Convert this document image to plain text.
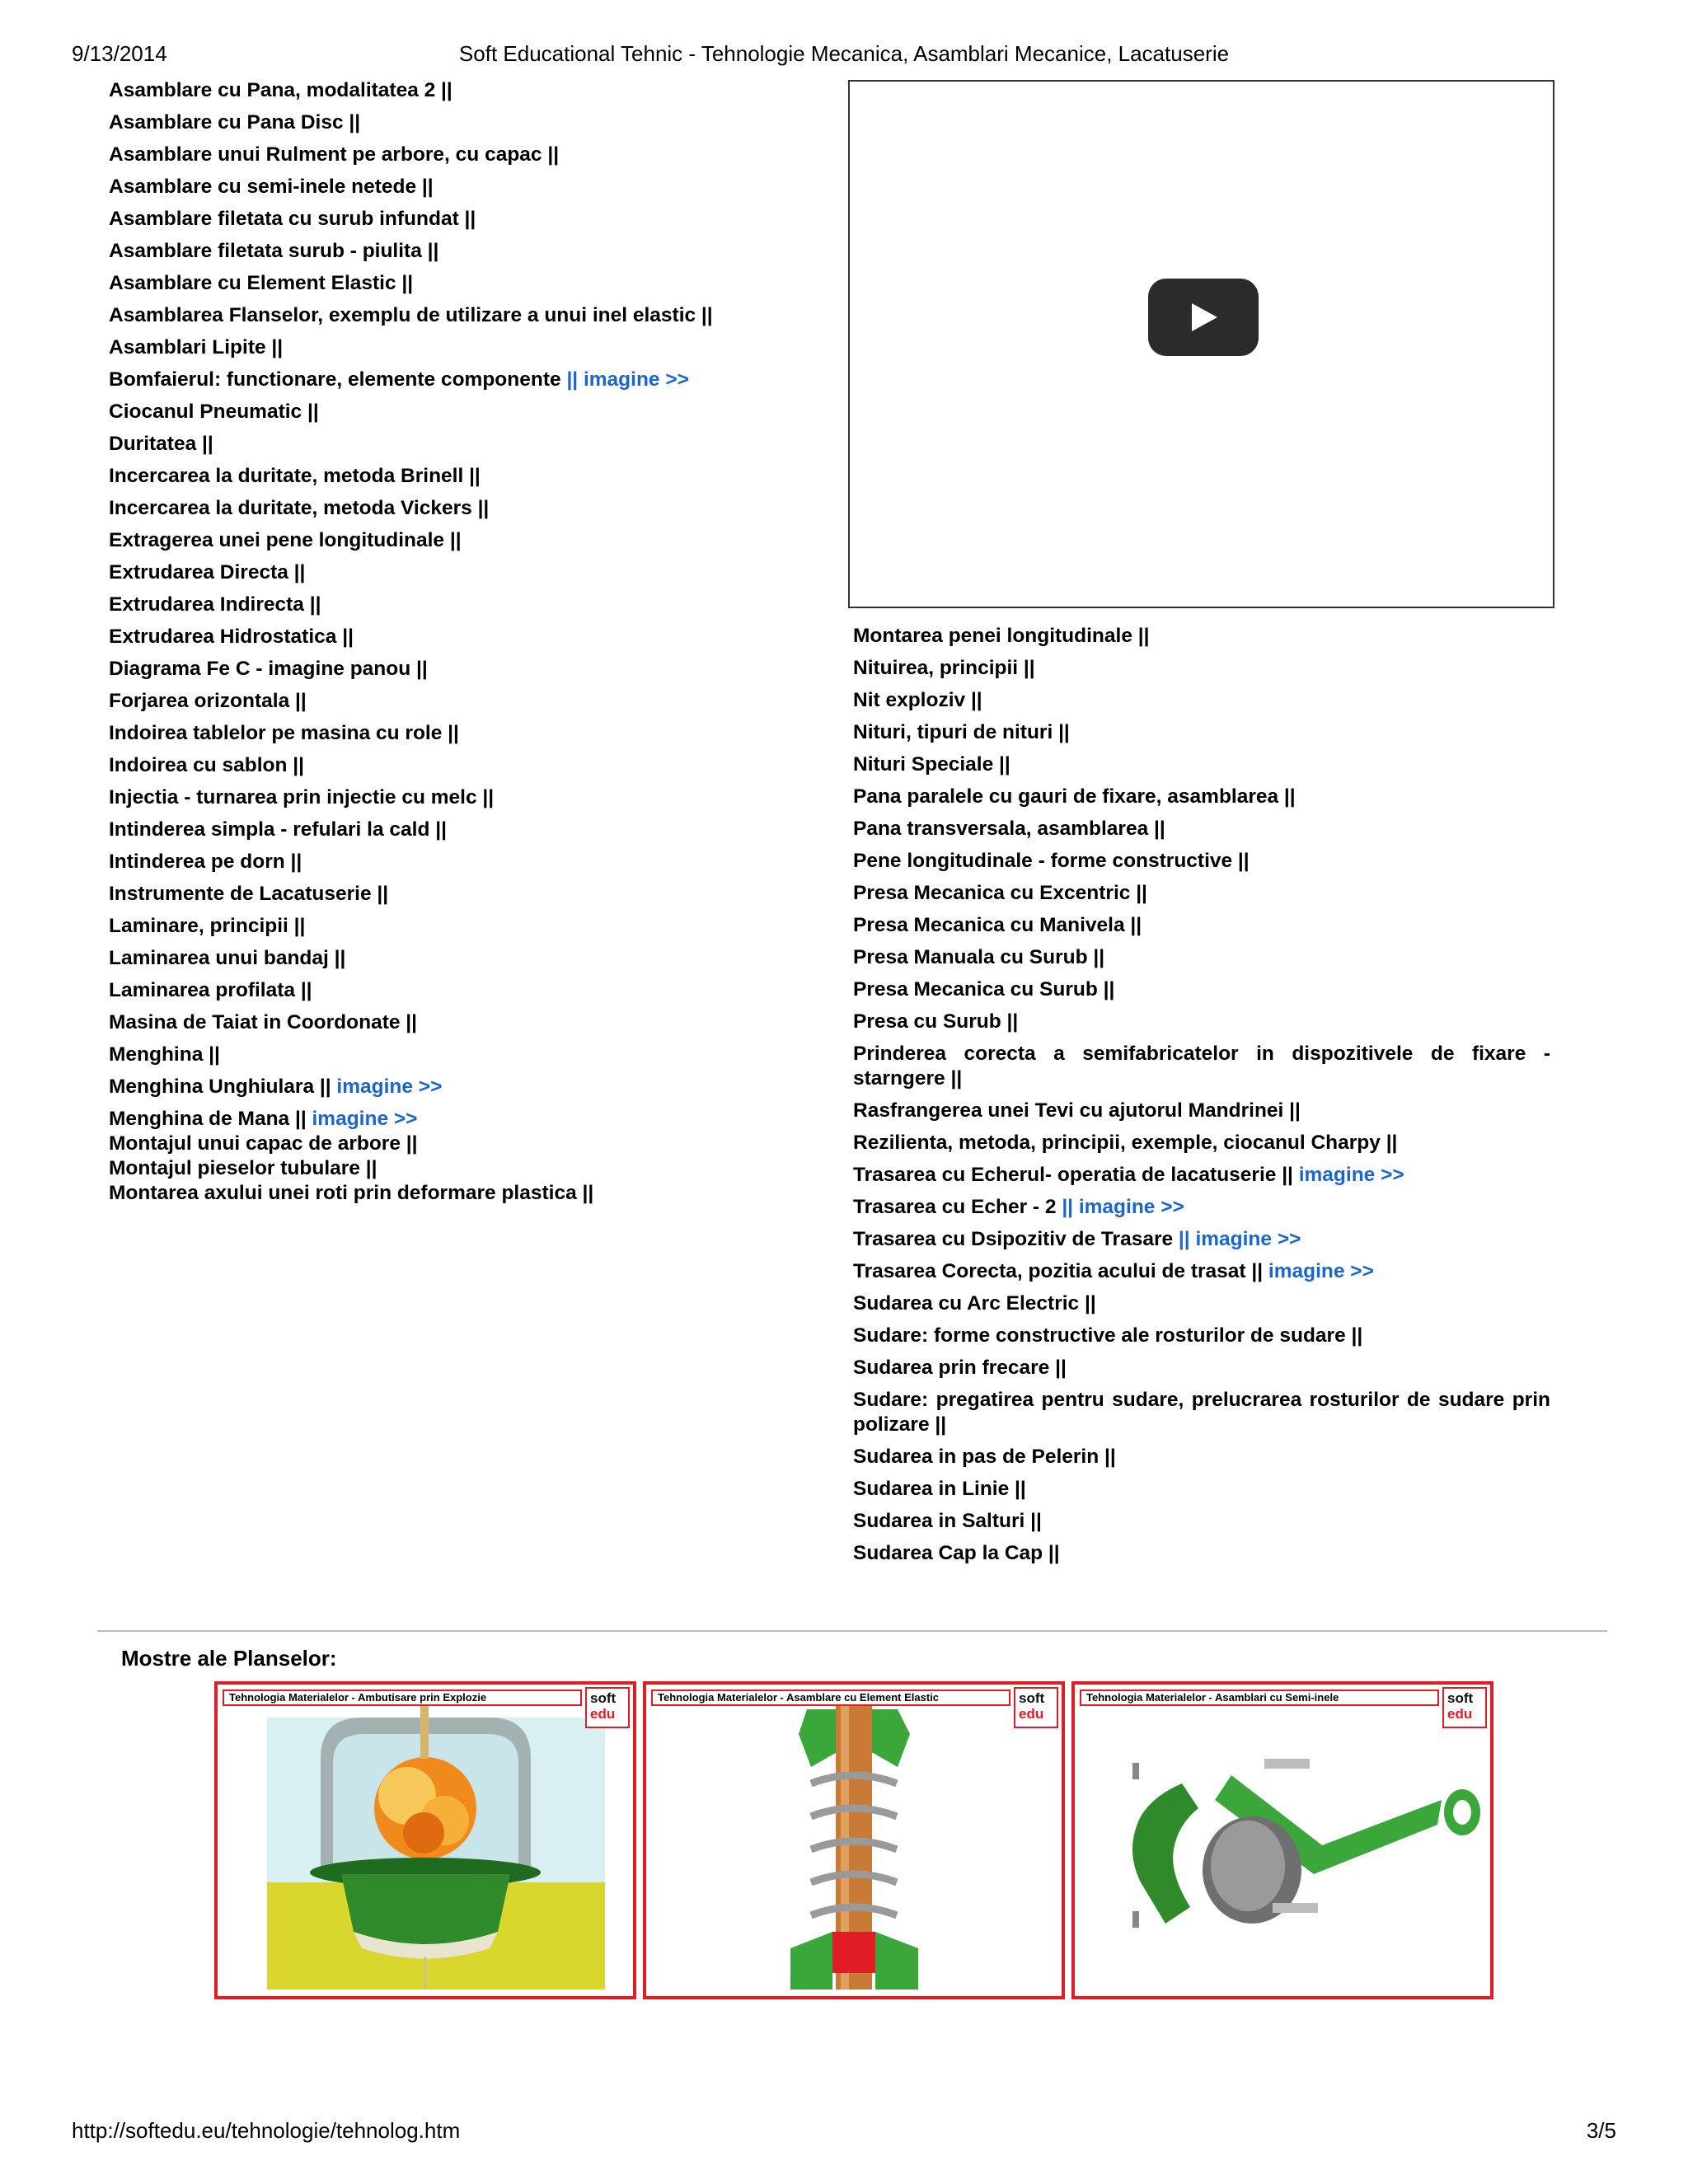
9/13/2014	Soft Educational Tehnic - Tehnologie Mecanica, Asamblari Mecanice, Lacatuserie
Asamblare cu Pana, modalitatea 2 ||
Asamblare cu Pana Disc ||
Asamblare unui Rulment pe arbore, cu capac ||
Asamblare cu semi-inele netede ||
Asamblare filetata cu surub infundat ||
Asamblare filetata surub - piulita ||
Asamblare cu Element Elastic ||
Asamblarea Flanselor, exemplu de utilizare a unui inel elastic ||
Asamblari Lipite ||
Bomfaierul: functionare, elemente componente || imagine >>
Ciocanul Pneumatic ||
Duritatea ||
Incercarea la duritate, metoda Brinell ||
Incercarea la duritate, metoda Vickers ||
Extragerea unei pene longitudinale ||
Extrudarea Directa ||
Extrudarea Indirecta ||
Extrudarea Hidrostatica ||
Diagrama Fe C - imagine panou ||
Forjarea orizontala ||
Indoirea tablelor pe masina cu role ||
Indoirea cu sablon ||
Injectia - turnarea prin injectie cu melc ||
Intinderea simpla - refulari la cald ||
Intinderea pe dorn ||
Instrumente de Lacatuserie ||
Laminare, principii ||
Laminarea unui bandaj ||
Laminarea profilata ||
Masina de Taiat in Coordonate ||
Menghina ||
Menghina Unghiulara || imagine >>
Menghina de Mana || imagine >>
Montajul unui capac de arbore ||
Montajul pieselor tubulare ||
Montarea axului unei roti prin deformare plastica ||
Montarea penei longitudinale ||
Nituirea, principii ||
Nit exploziv ||
Nituri, tipuri de nituri ||
Nituri Speciale ||
Pana paralele cu gauri de fixare, asamblarea ||
Pana transversala, asamblarea ||
Pene longitudinale - forme constructive ||
Presa Mecanica cu Excentric ||
Presa Mecanica cu Manivela ||
Presa Manuala cu Surub ||
Presa Mecanica cu Surub ||
Presa cu Surub ||
Prinderea corecta a semifabricatelor in dispozitivele de fixare - starngere ||
Rasfrangerea unei Tevi cu ajutorul Mandrinei ||
Rezilienta, metoda, principii, exemple, ciocanul Charpy ||
Trasarea cu Echerul- operatia de lacatuserie || imagine >>
Trasarea cu Echer - 2 || imagine >>
Trasarea cu Dsipozitiv de Trasare || imagine >>
Trasarea Corecta, pozitia acului de trasat || imagine >>
Sudarea cu Arc Electric ||
Sudare: forme constructive ale rosturilor de sudare ||
Sudarea prin frecare ||
Sudare: pregatirea pentru sudare, prelucrarea rosturilor de sudare prin polizare ||
Sudarea in pas de Pelerin ||
Sudarea in Linie ||
Sudarea in Salturi ||
Sudarea Cap la Cap ||
Mostre ale Planselor:
Tehnologia Materialelor - Ambutisare prin Explozie	soft
edu
Tehnologia Materialelor - Asamblare cu Element Elastic	soft
edu
Tehnologia Materialelor - Asamblari cu Semi-inele	soft
edu
http://softedu.eu/tehnologie/tehnolog.htm	3/5
